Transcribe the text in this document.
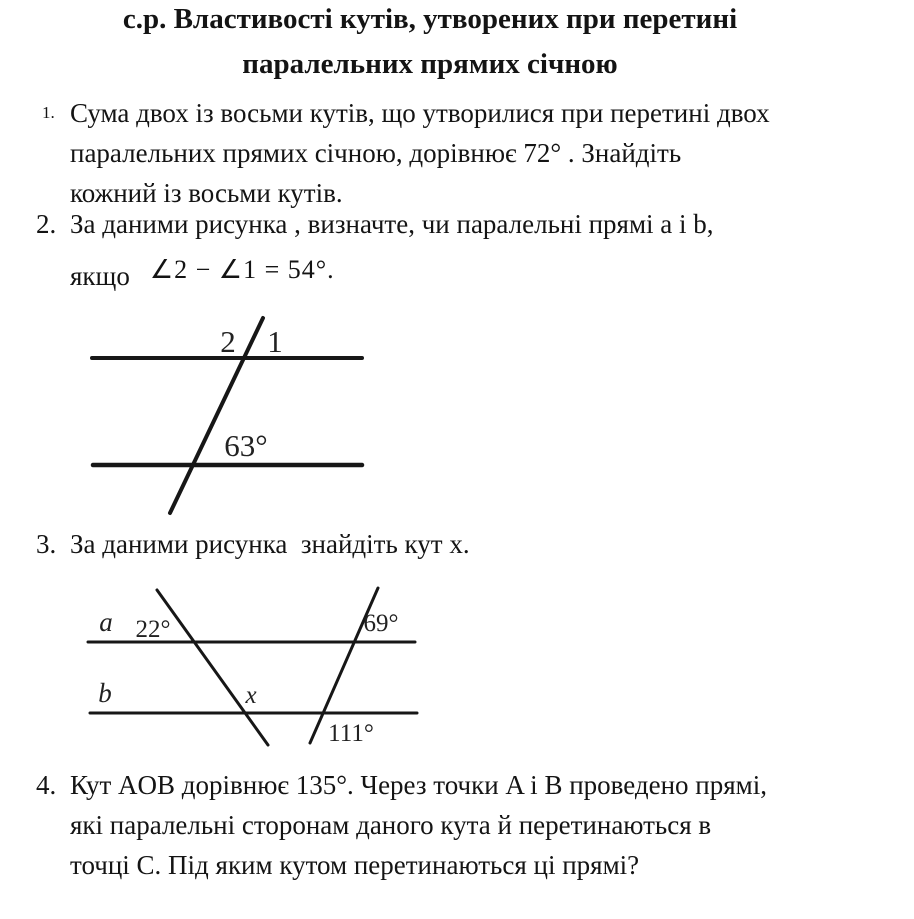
с.р. Властивості кутів, утворених при перетині
паралельних прямих січною
1. Сума двох із восьми кутів, що утворилися при перетині двох
паралельних прямих січною, дорівнює 72° . Знайдіть
кожний із восьми кутів.
2. За даними рисунка , визначте, чи паралельні прямі a і b,
якщо ∠2 − ∠1 = 54°.
2 1
63°
3. За даними рисунка  знайдіть кут x.
a 22°	69°
b	x
111°
4. Кут AOB дорівнює 135°. Через точки A і B проведено прямі,
які паралельні сторонам даного кута й перетинаються в
точці C. Під яким кутом перетинаються ці прямі?
